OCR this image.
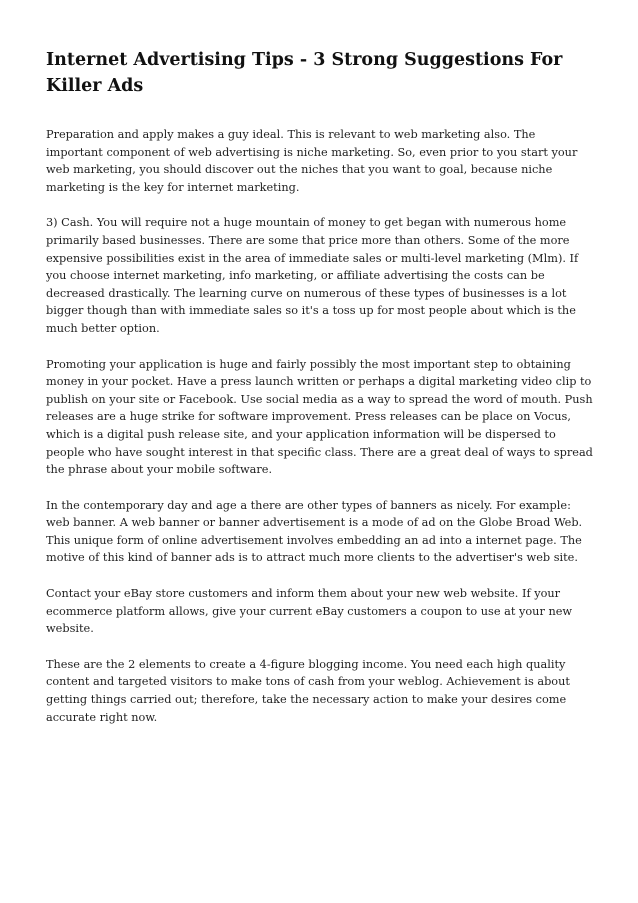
Internet Advertising Tips - 3 Strong Suggestions For Killer Ads

Preparation and apply makes a guy ideal. This is relevant to web marketing also. The important component of web advertising is niche marketing. So, even prior to you start your web marketing, you should discover out the niches that you want to goal, because niche marketing is the key for internet marketing.

3) Cash. You will require not a huge mountain of money to get began with numerous home primarily based businesses. There are some that price more than others. Some of the more expensive possibilities exist in the area of immediate sales or multi-level marketing (Mlm). If you choose internet marketing, info marketing, or affiliate advertising the costs can be decreased drastically. The learning curve on numerous of these types of businesses is a lot bigger though than with immediate sales so it's a toss up for most people about which is the much better option.

Promoting your application is huge and fairly possibly the most important step to obtaining money in your pocket. Have a press launch written or perhaps a digital marketing video clip to publish on your site or Facebook. Use social media as a way to spread the word of mouth. Push releases are a huge strike for software improvement. Press releases can be place on Vocus, which is a digital push release site, and your application information will be dispersed to people who have sought interest in that specific class. There are a great deal of ways to spread the phrase about your mobile software.

In the contemporary day and age a there are other types of banners as nicely. For example: web banner. A web banner or banner advertisement is a mode of ad on the Globe Broad Web. This unique form of online advertisement involves embedding an ad into a internet page. The motive of this kind of banner ads is to attract much more clients to the advertiser's web site.

Contact your eBay store customers and inform them about your new web website. If your ecommerce platform allows, give your current eBay customers a coupon to use at your new website.

These are the 2 elements to create a 4-figure blogging income. You need each high quality content and targeted visitors to make tons of cash from your weblog. Achievement is about getting things carried out; therefore, take the necessary action to make your desires come accurate right now.
